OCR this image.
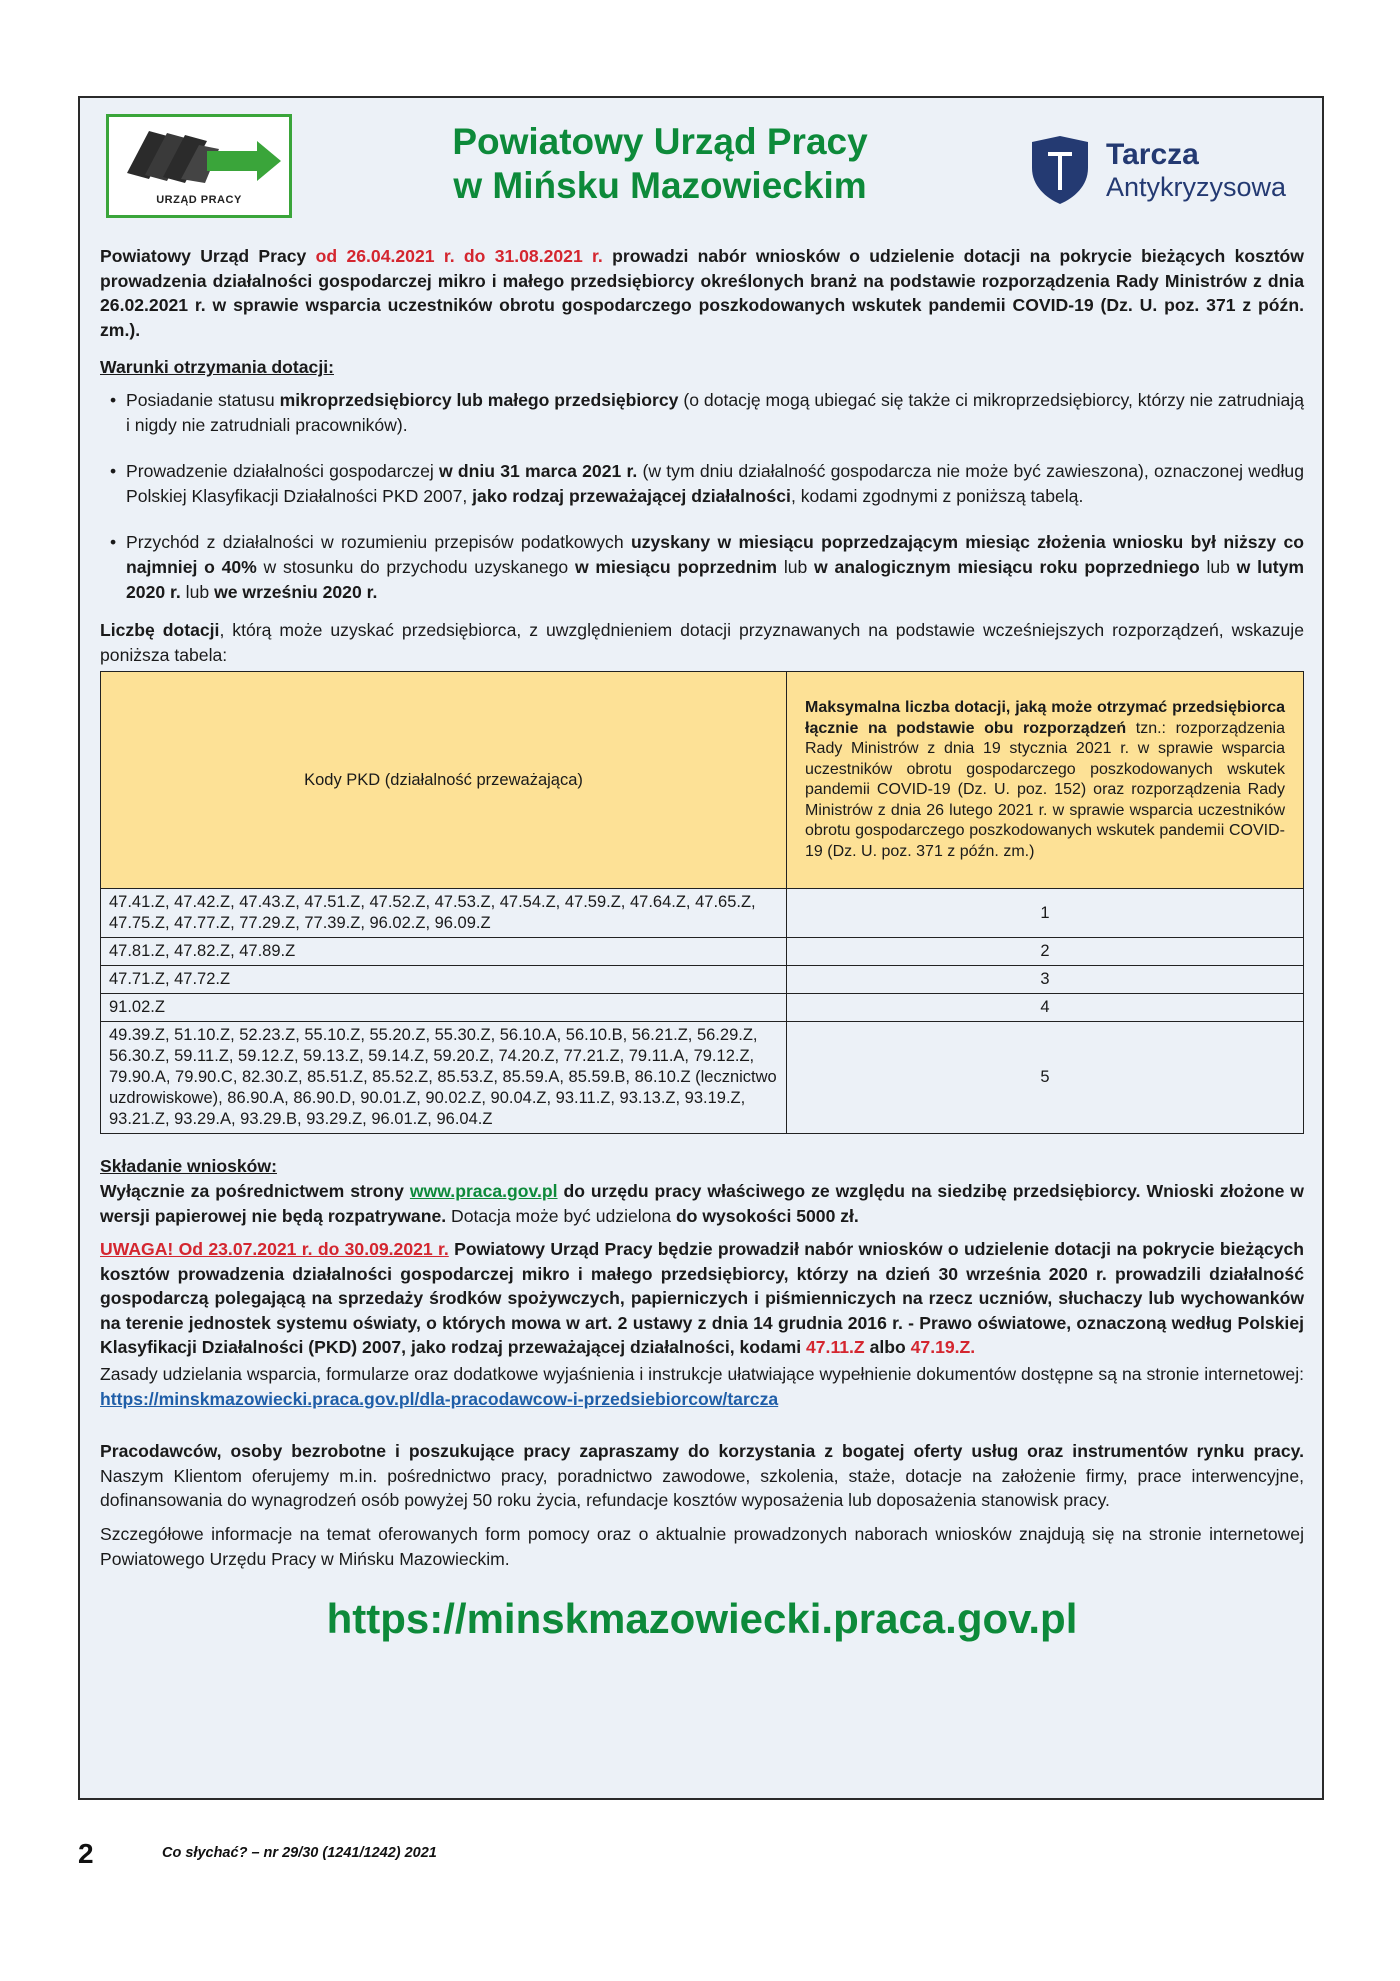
URZĄD PRACY
Powiatowy Urząd Pracy
w Mińsku Mazowieckim
Tarcza
Antykryzysowa

Powiatowy Urząd Pracy od 26.04.2021 r. do 31.08.2021 r. prowadzi nabór wniosków o udzielenie dotacji na pokrycie bieżących kosztów prowadzenia działalności gospodarczej mikro i małego przedsiębiorcy określonych branż na podstawie rozporządzenia Rady Ministrów z dnia 26.02.2021 r. w sprawie wsparcia uczestników obrotu gospodarczego poszkodowanych wskutek pandemii COVID-19 (Dz. U. poz. 371 z późn. zm.).

Warunki otrzymania dotacji:

• Posiadanie statusu mikroprzedsiębiorcy lub małego przedsiębiorcy (o dotację mogą ubiegać się także ci mikroprzedsiębiorcy, którzy nie zatrudniają i nigdy nie zatrudniali pracowników).
• Prowadzenie działalności gospodarczej w dniu 31 marca 2021 r. (w tym dniu działalność gospodarcza nie może być zawieszona), oznaczonej według Polskiej Klasyfikacji Działalności PKD 2007, jako rodzaj przeważającej działalności, kodami zgodnymi z poniższą tabelą.
• Przychód z działalności w rozumieniu przepisów podatkowych uzyskany w miesiącu poprzedzającym miesiąc złożenia wniosku był niższy co najmniej o 40% w stosunku do przychodu uzyskanego w miesiącu poprzednim lub w analogicznym miesiącu roku poprzedniego lub w lutym 2020 r. lub we wrześniu 2020 r.

Liczbę dotacji, którą może uzyskać przedsiębiorca, z uwzględnieniem dotacji przyznawanych na podstawie wcześniejszych rozporządzeń, wskazuje poniższa tabela:

Kody PKD (działalność przeważająca)	Maksymalna liczba dotacji, jaką może otrzymać przedsiębiorca łącznie na podstawie obu rozporządzeń tzn.: rozporządzenia Rady Ministrów z dnia 19 stycznia 2021 r. w sprawie wsparcia uczestników obrotu gospodarczego poszkodowanych wskutek pandemii COVID-19 (Dz. U. poz. 152) oraz rozporządzenia Rady Ministrów z dnia 26 lutego 2021 r. w sprawie wsparcia uczestników obrotu gospodarczego poszkodowanych wskutek pandemii COVID-19 (Dz. U. poz. 371 z późn. zm.)
47.41.Z, 47.42.Z, 47.43.Z, 47.51.Z, 47.52.Z, 47.53.Z, 47.54.Z, 47.59.Z, 47.64.Z, 47.65.Z, 47.75.Z, 47.77.Z, 77.29.Z, 77.39.Z, 96.02.Z, 96.09.Z	1
47.81.Z, 47.82.Z, 47.89.Z	2
47.71.Z, 47.72.Z	3
91.02.Z	4
49.39.Z, 51.10.Z, 52.23.Z, 55.10.Z, 55.20.Z, 55.30.Z, 56.10.A, 56.10.B, 56.21.Z, 56.29.Z, 56.30.Z, 59.11.Z, 59.12.Z, 59.13.Z, 59.14.Z, 59.20.Z, 74.20.Z, 77.21.Z, 79.11.A, 79.12.Z, 79.90.A, 79.90.C, 82.30.Z, 85.51.Z, 85.52.Z, 85.53.Z, 85.59.A, 85.59.B, 86.10.Z (lecznictwo uzdrowiskowe), 86.90.A, 86.90.D, 90.01.Z, 90.02.Z, 90.04.Z, 93.11.Z, 93.13.Z, 93.19.Z, 93.21.Z, 93.29.A, 93.29.B, 93.29.Z, 96.01.Z, 96.04.Z	5

Składanie wniosków:

Wyłącznie za pośrednictwem strony www.praca.gov.pl do urzędu pracy właściwego ze względu na siedzibę przedsiębiorcy. Wnioski złożone w wersji papierowej nie będą rozpatrywane. Dotacja może być udzielona do wysokości 5000 zł.

UWAGA! Od 23.07.2021 r. do 30.09.2021 r. Powiatowy Urząd Pracy będzie prowadził nabór wniosków o udzielenie dotacji na pokrycie bieżących kosztów prowadzenia działalności gospodarczej mikro i małego przedsiębiorcy, którzy na dzień 30 września 2020 r. prowadzili działalność gospodarczą polegającą na sprzedaży środków spożywczych, papierniczych i piśmienniczych na rzecz uczniów, słuchaczy lub wychowanków na terenie jednostek systemu oświaty, o których mowa w art. 2 ustawy z dnia 14 grudnia 2016 r. - Prawo oświatowe, oznaczoną według Polskiej Klasyfikacji Działalności (PKD) 2007, jako rodzaj przeważającej działalności, kodami 47.11.Z albo 47.19.Z.

Zasady udzielania wsparcia, formularze oraz dodatkowe wyjaśnienia i instrukcje ułatwiające wypełnienie dokumentów dostępne są na stronie internetowej: https://minskmazowiecki.praca.gov.pl/dla-pracodawcow-i-przedsiebiorcow/tarcza

Pracodawców, osoby bezrobotne i poszukujące pracy zapraszamy do korzystania z bogatej oferty usług oraz instrumentów rynku pracy. Naszym Klientom oferujemy m.in. pośrednictwo pracy, poradnictwo zawodowe, szkolenia, staże, dotacje na założenie firmy, prace interwencyjne, dofinansowania do wynagrodzeń osób powyżej 50 roku życia, refundacje kosztów wyposażenia lub doposażenia stanowisk pracy.

Szczegółowe informacje na temat oferowanych form pomocy oraz o aktualnie prowadzonych naborach wniosków znajdują się na stronie internetowej Powiatowego Urzędu Pracy w Mińsku Mazowieckim.

https://minskmazowiecki.praca.gov.pl
2	Co słychać? – nr 29/30 (1241/1242) 2021
